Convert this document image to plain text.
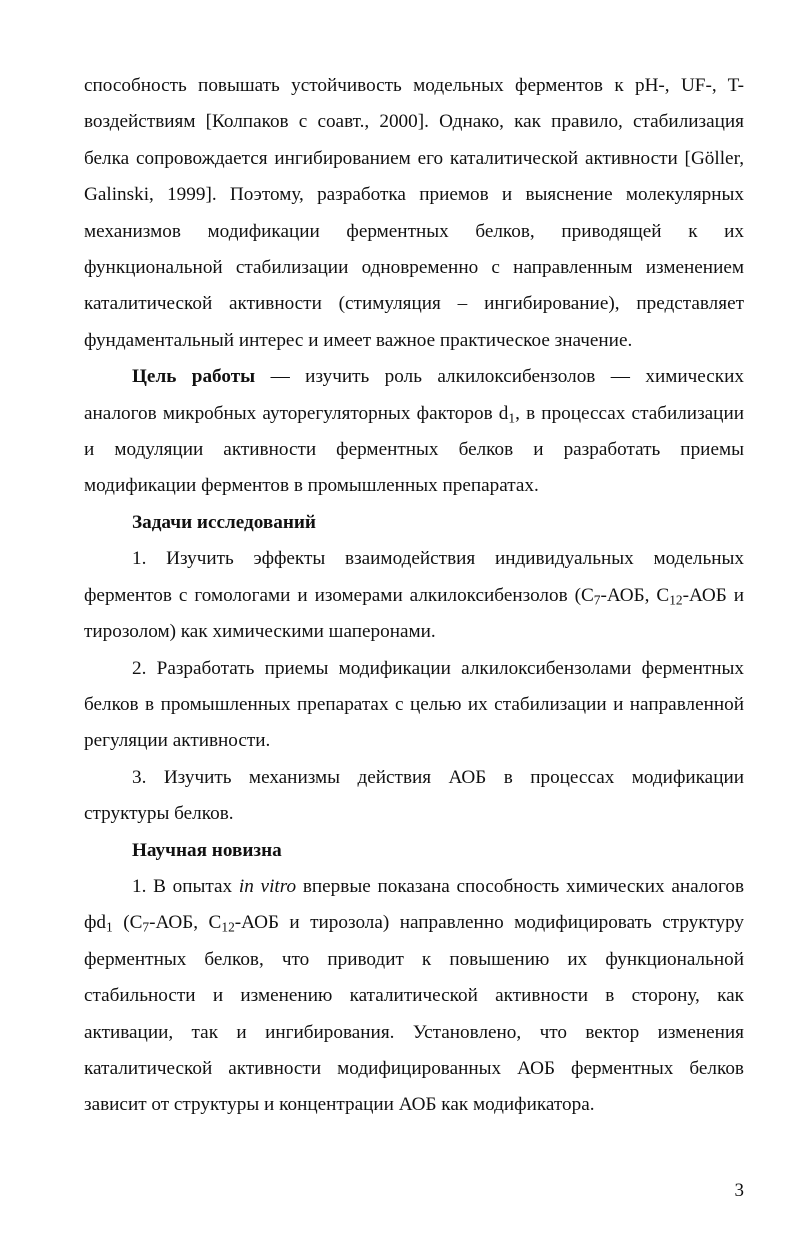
способность повышать устойчивость модельных ферментов к pH-, UF-, T-воздействиям [Колпаков с соавт., 2000]. Однако, как правило, стабилизация белка сопровождается ингибированием его каталитической активности [Göller, Galinski, 1999]. Поэтому, разработка приемов и выяснение молекулярных механизмов модификации ферментных белков, приводящей к их функциональной стабилизации одновременно с направленным изменением каталитической активности (стимуляция – ингибирование), представляет фундаментальный интерес и имеет важное практическое значение.

Цель работы — изучить роль алкилоксибензолов — химических аналогов микробных ауторегуляторных факторов $d_1$, в процессах стабилизации и модуляции активности ферментных белков и разработать приемы модификации ферментов в промышленных препаратах.

Задачи исследований

1. Изучить эффекты взаимодействия индивидуальных модельных ферментов с гомологами и изомерами алкилоксибензолов ($C_7$-АОБ, $C_{12}$-АОБ и тирозолом) как химическими шаперонами.

2. Разработать приемы модификации алкилоксибензолами ферментных белков в промышленных препаратах с целью их стабилизации и направленной регуляции активности.

3. Изучить механизмы действия АОБ в процессах модификации структуры белков.

Научная новизна

1. В опытах in vitro впервые показана способность химических аналогов $фd_1$ ($C_7$-АОБ, $C_{12}$-АОБ и тирозола) направленно модифицировать структуру ферментных белков, что приводит к повышению их функциональной стабильности и изменению каталитической активности в сторону, как активации, так и ингибирования. Установлено, что вектор изменения каталитической активности модифицированных АОБ ферментных белков зависит от структуры и концентрации АОБ как модификатора.

3
